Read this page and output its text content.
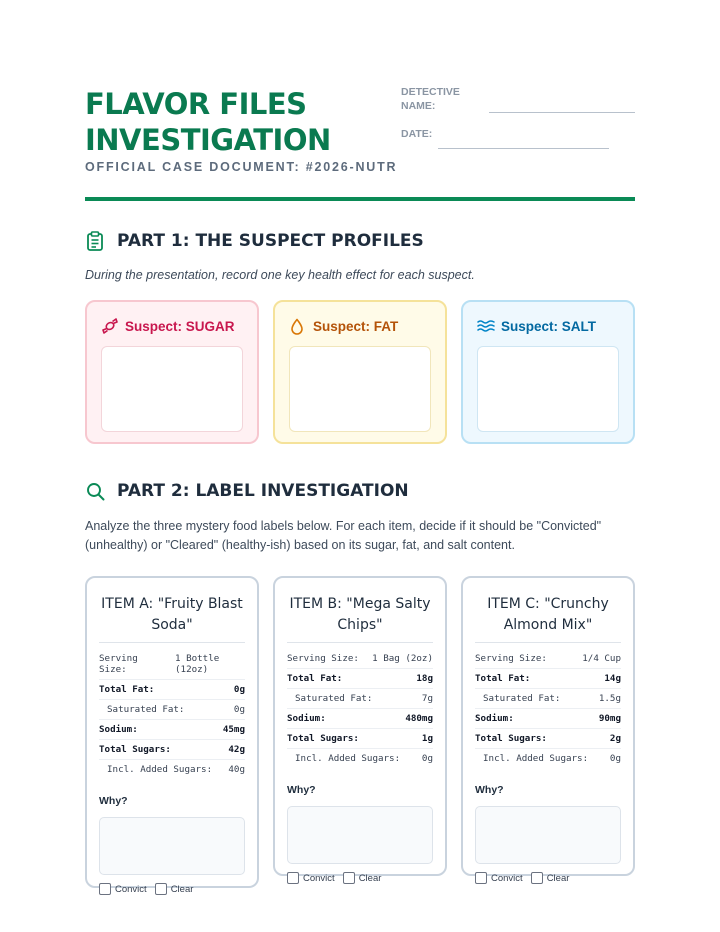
FLAVOR FILES
INVESTIGATION
OFFICIAL CASE DOCUMENT: #2026-NUTR
DETECTIVE NAME:
DATE:
PART 1: THE SUSPECT PROFILES
During the presentation, record one key health effect for each suspect.
Suspect: SUGAR	Suspect: FAT	Suspect: SALT
PART 2: LABEL INVESTIGATION
Analyze the three mystery food labels below. For each item, decide if it should be "Convicted" (unhealthy) or "Cleared" (healthy-ish) based on its sugar, fat, and salt content.
ITEM A: "Fruity Blast Soda"
Serving Size:
1 Bottle (12oz)
Total Fat:	0g
Saturated Fat:	0g
Sodium:	45mg
Total Sugars:	42g
Incl. Added Sugars: 40g
Why?
Convict	Clear
ITEM B: "Mega Salty Chips"
Serving Size: 1 Bag (2oz)
Total Fat:	18g
Saturated Fat:	7g
Sodium:	480mg
Total Sugars:	1g
Incl. Added Sugars: 0g
Why?
Convict	Clear
ITEM C: "Crunchy Almond Mix"
Serving Size:	1/4 Cup
Total Fat:	14g
Saturated Fat:	1.5g
Sodium:	90mg
Total Sugars:	2g
Incl. Added Sugars: 0g
Why?
Convict	Clear
